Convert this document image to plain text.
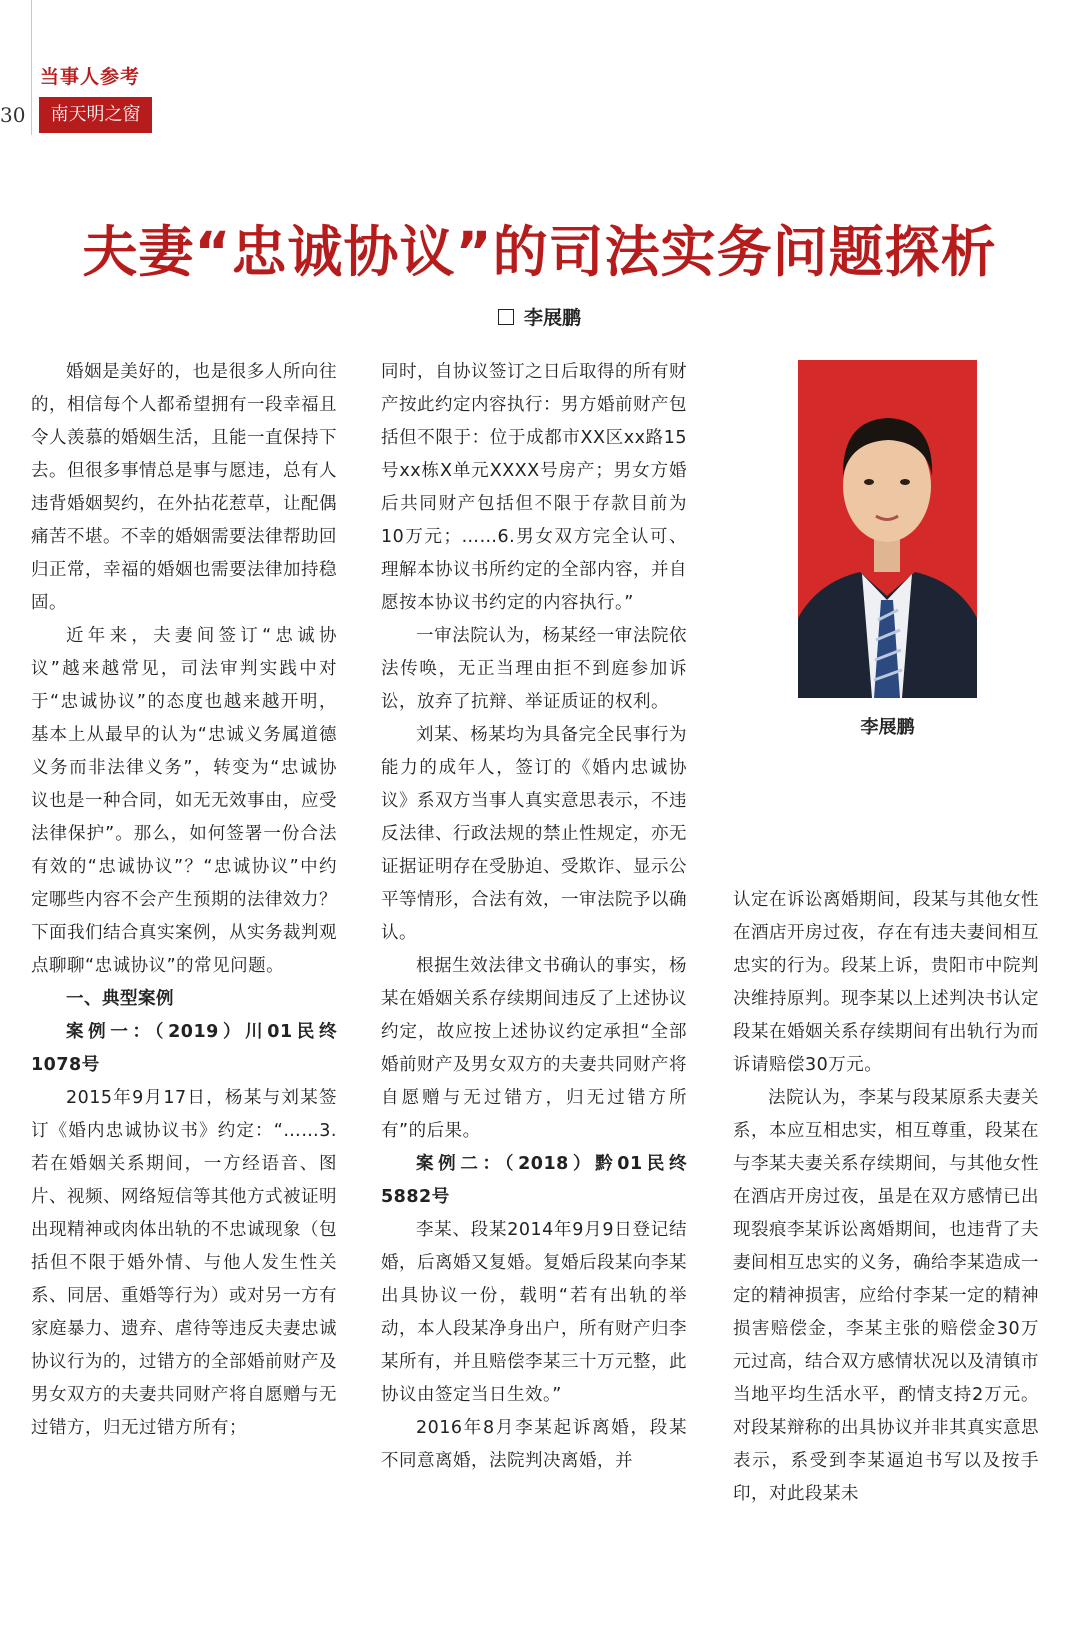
30
当事人参考
南天明之窗
夫妻“忠诚协议”的司法实务问题探析
李展鹏

婚姻是美好的，也是很多人所向往的，相信每个人都希望拥有一段幸福且令人羡慕的婚姻生活，且能一直保持下去。但很多事情总是事与愿违，总有人违背婚姻契约，在外拈花惹草，让配偶痛苦不堪。不幸的婚姻需要法律帮助回归正常，幸福的婚姻也需要法律加持稳固。

近年来，夫妻间签订“忠诚协议”越来越常见，司法审判实践中对于“忠诚协议”的态度也越来越开明，基本上从最早的认为“忠诚义务属道德义务而非法律义务”，转变为“忠诚协议也是一种合同，如无无效事由，应受法律保护”。那么，如何签署一份合法有效的“忠诚协议”？“忠诚协议”中约定哪些内容不会产生预期的法律效力？下面我们结合真实案例，从实务裁判观点聊聊“忠诚协议”的常见问题。

一、典型案例

案例一：（2019）川01民终1078号

2015年9月17日，杨某与刘某签订《婚内忠诚协议书》约定：“……3.若在婚姻关系期间，一方经语音、图片、视频、网络短信等其他方式被证明出现精神或肉体出轨的不忠诚现象（包括但不限于婚外情、与他人发生性关系、同居、重婚等行为）或对另一方有家庭暴力、遗弃、虐待等违反夫妻忠诚协议行为的，过错方的全部婚前财产及男女双方的夫妻共同财产将自愿赠与无过错方，归无过错方所有；

同时，自协议签订之日后取得的所有财产按此约定内容执行：男方婚前财产包括但不限于：位于成都市XX区xx路15号xx栋X单元XXXX号房产；男女方婚后共同财产包括但不限于存款目前为10万元；……6.男女双方完全认可、理解本协议书所约定的全部内容，并自愿按本协议书约定的内容执行。”

一审法院认为，杨某经一审法院依法传唤，无正当理由拒不到庭参加诉讼，放弃了抗辩、举证质证的权利。

刘某、杨某均为具备完全民事行为能力的成年人，签订的《婚内忠诚协议》系双方当事人真实意思表示，不违反法律、行政法规的禁止性规定，亦无证据证明存在受胁迫、受欺诈、显示公平等情形，合法有效，一审法院予以确认。

根据生效法律文书确认的事实，杨某在婚姻关系存续期间违反了上述协议约定，故应按上述协议约定承担“全部婚前财产及男女双方的夫妻共同财产将自愿赠与无过错方，归无过错方所有”的后果。

案例二：（2018）黔01民终5882号

李某、段某2014年9月9日登记结婚，后离婚又复婚。复婚后段某向李某出具协议一份，载明“若有出轨的举动，本人段某净身出户，所有财产归李某所有，并且赔偿李某三十万元整，此协议由签定当日生效。”

2016年8月李某起诉离婚，段某不同意离婚，法院判决离婚，并

李展鹏

认定在诉讼离婚期间，段某与其他女性在酒店开房过夜，存在有违夫妻间相互忠实的行为。段某上诉，贵阳市中院判决维持原判。现李某以上述判决书认定段某在婚姻关系存续期间有出轨行为而诉请赔偿30万元。

法院认为，李某与段某原系夫妻关系，本应互相忠实，相互尊重，段某在与李某夫妻关系存续期间，与其他女性在酒店开房过夜，虽是在双方感情已出现裂痕李某诉讼离婚期间，也违背了夫妻间相互忠实的义务，确给李某造成一定的精神损害，应给付李某一定的精神损害赔偿金，李某主张的赔偿金30万元过高，结合双方感情状况以及清镇市当地平均生活水平，酌情支持2万元。对段某辩称的出具协议并非其真实意思表示，系受到李某逼迫书写以及按手印，对此段某未
